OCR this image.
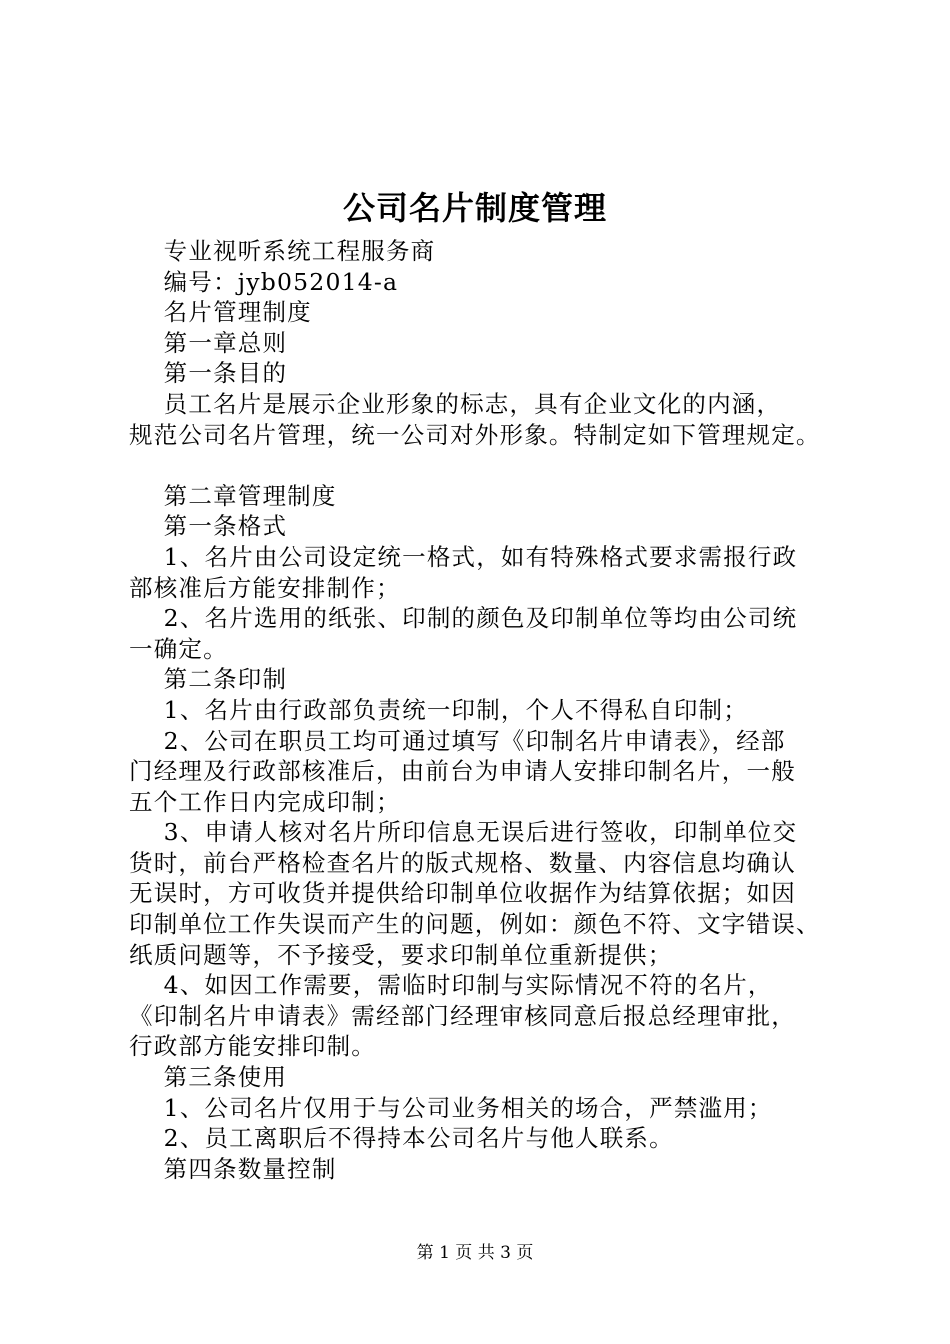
公司名片制度管理
专业视听系统工程服务商
编号：jyb052014-a
名片管理制度
第一章总则
第一条目的
员工名片是展示企业形象的标志，具有企业文化的内涵，
规范公司名片管理，统一公司对外形象。特制定如下管理规定。
第二章管理制度
第一条格式
1、名片由公司设定统一格式，如有特殊格式要求需报行政
部核准后方能安排制作；
2、名片选用的纸张、印制的颜色及印制单位等均由公司统
一确定。
第二条印制
1、名片由行政部负责统一印制，个人不得私自印制；
2、公司在职员工均可通过填写《印制名片申请表》，经部
门经理及行政部核准后，由前台为申请人安排印制名片，一般
五个工作日内完成印制；
3、申请人核对名片所印信息无误后进行签收，印制单位交
货时，前台严格检查名片的版式规格、数量、内容信息均确认
无误时，方可收货并提供给印制单位收据作为结算依据；如因
印制单位工作失误而产生的问题，例如：颜色不符、文字错误、
纸质问题等，不予接受，要求印制单位重新提供；
4、如因工作需要，需临时印制与实际情况不符的名片，
《印制名片申请表》需经部门经理审核同意后报总经理审批，
行政部方能安排印制。
第三条使用
1、公司名片仅用于与公司业务相关的场合，严禁滥用；
2、员工离职后不得持本公司名片与他人联系。
第四条数量控制
第 1 页 共 3 页
